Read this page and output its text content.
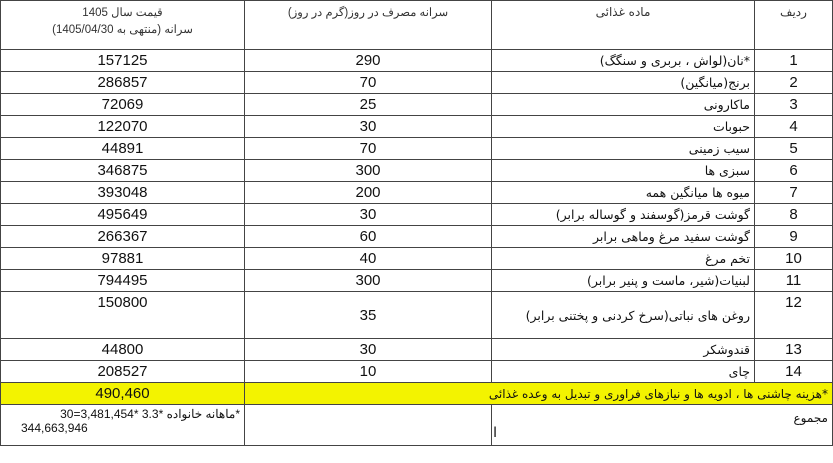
قیمت سال 1405
(منتهی به 1405/04/30) سرانه	سرانه مصرف در روز(گرم در روز)	ماده غذائی	ردیف
157125	290	*نان(لواش ، بربری و سنگگ)	1
286857	70	برنج(میانگین)	2
72069	25	ماکارونی	3
122070	30	حبوبات	4
44891	70	سیب زمینی	5
346875	300	سبزی ها	6
393048	200	میوه ها میانگین همه	7
495649	30	گوشت قرمز(گوسفند و گوساله برابر)	8
266367	60	گوشت سفید مرغ وماهی برابر	9
97881	40	تخم مرغ	10
794495	300	لبنیات(شیر، ماست و پنیر برابر)	11
150800	35	روغن های نباتی(سرخ کردنی و پختنی برابر)	12
44800	30	قندوشکر	13
208527	10	چای	14
490,460	*هزینه چاشنی ها ، ادویه ها و نیازهای فراوری و تبدیل به وعده غذائی		

ماهانه خانواده *3.3 *3,481,454=30*
344,663,946		مجموع	
I
